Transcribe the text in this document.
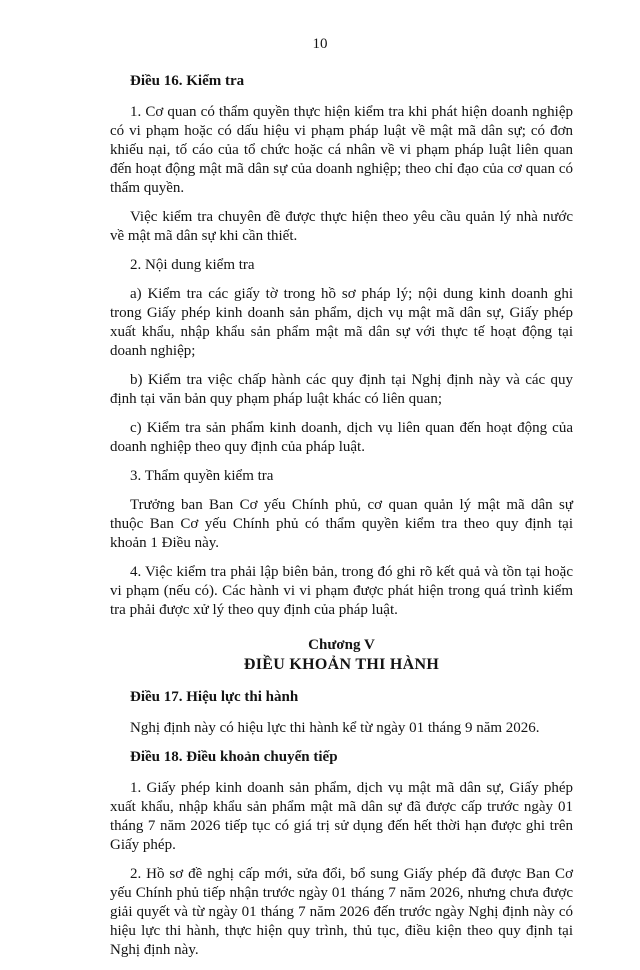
10

Điều 16. Kiểm tra

1. Cơ quan có thẩm quyền thực hiện kiểm tra khi phát hiện doanh nghiệp có vi phạm hoặc có dấu hiệu vi phạm pháp luật về mật mã dân sự; có đơn khiếu nại, tố cáo của tổ chức hoặc cá nhân về vi phạm pháp luật liên quan đến hoạt động mật mã dân sự của doanh nghiệp; theo chỉ đạo của cơ quan có thẩm quyền.

Việc kiểm tra chuyên đề được thực hiện theo yêu cầu quản lý nhà nước về mật mã dân sự khi cần thiết.

2. Nội dung kiểm tra

a) Kiểm tra các giấy tờ trong hồ sơ pháp lý; nội dung kinh doanh ghi trong Giấy phép kinh doanh sản phẩm, dịch vụ mật mã dân sự, Giấy phép xuất khẩu, nhập khẩu sản phẩm mật mã dân sự với thực tế hoạt động tại doanh nghiệp;

b) Kiểm tra việc chấp hành các quy định tại Nghị định này và các quy định tại văn bản quy phạm pháp luật khác có liên quan;

c) Kiểm tra sản phẩm kinh doanh, dịch vụ liên quan đến hoạt động của doanh nghiệp theo quy định của pháp luật.

3. Thẩm quyền kiểm tra

Trưởng ban Ban Cơ yếu Chính phủ, cơ quan quản lý mật mã dân sự thuộc Ban Cơ yếu Chính phủ có thẩm quyền kiểm tra theo quy định tại khoản 1 Điều này.

4. Việc kiểm tra phải lập biên bản, trong đó ghi rõ kết quả và tồn tại hoặc vi phạm (nếu có). Các hành vi vi phạm được phát hiện trong quá trình kiểm tra phải được xử lý theo quy định của pháp luật.

Chương V

ĐIỀU KHOẢN THI HÀNH

Điều 17. Hiệu lực thi hành

Nghị định này có hiệu lực thi hành kể từ ngày 01 tháng 9 năm 2026.

Điều 18. Điều khoản chuyển tiếp

1. Giấy phép kinh doanh sản phẩm, dịch vụ mật mã dân sự, Giấy phép xuất khẩu, nhập khẩu sản phẩm mật mã dân sự đã được cấp trước ngày 01 tháng 7 năm 2026 tiếp tục có giá trị sử dụng đến hết thời hạn được ghi trên Giấy phép.

2. Hồ sơ đề nghị cấp mới, sửa đổi, bổ sung Giấy phép đã được Ban Cơ yếu Chính phủ tiếp nhận trước ngày 01 tháng 7 năm 2026, nhưng chưa được giải quyết và từ ngày 01 tháng 7 năm 2026 đến trước ngày Nghị định này có hiệu lực thi hành, thực hiện quy trình, thủ tục, điều kiện theo quy định tại Nghị định này.
